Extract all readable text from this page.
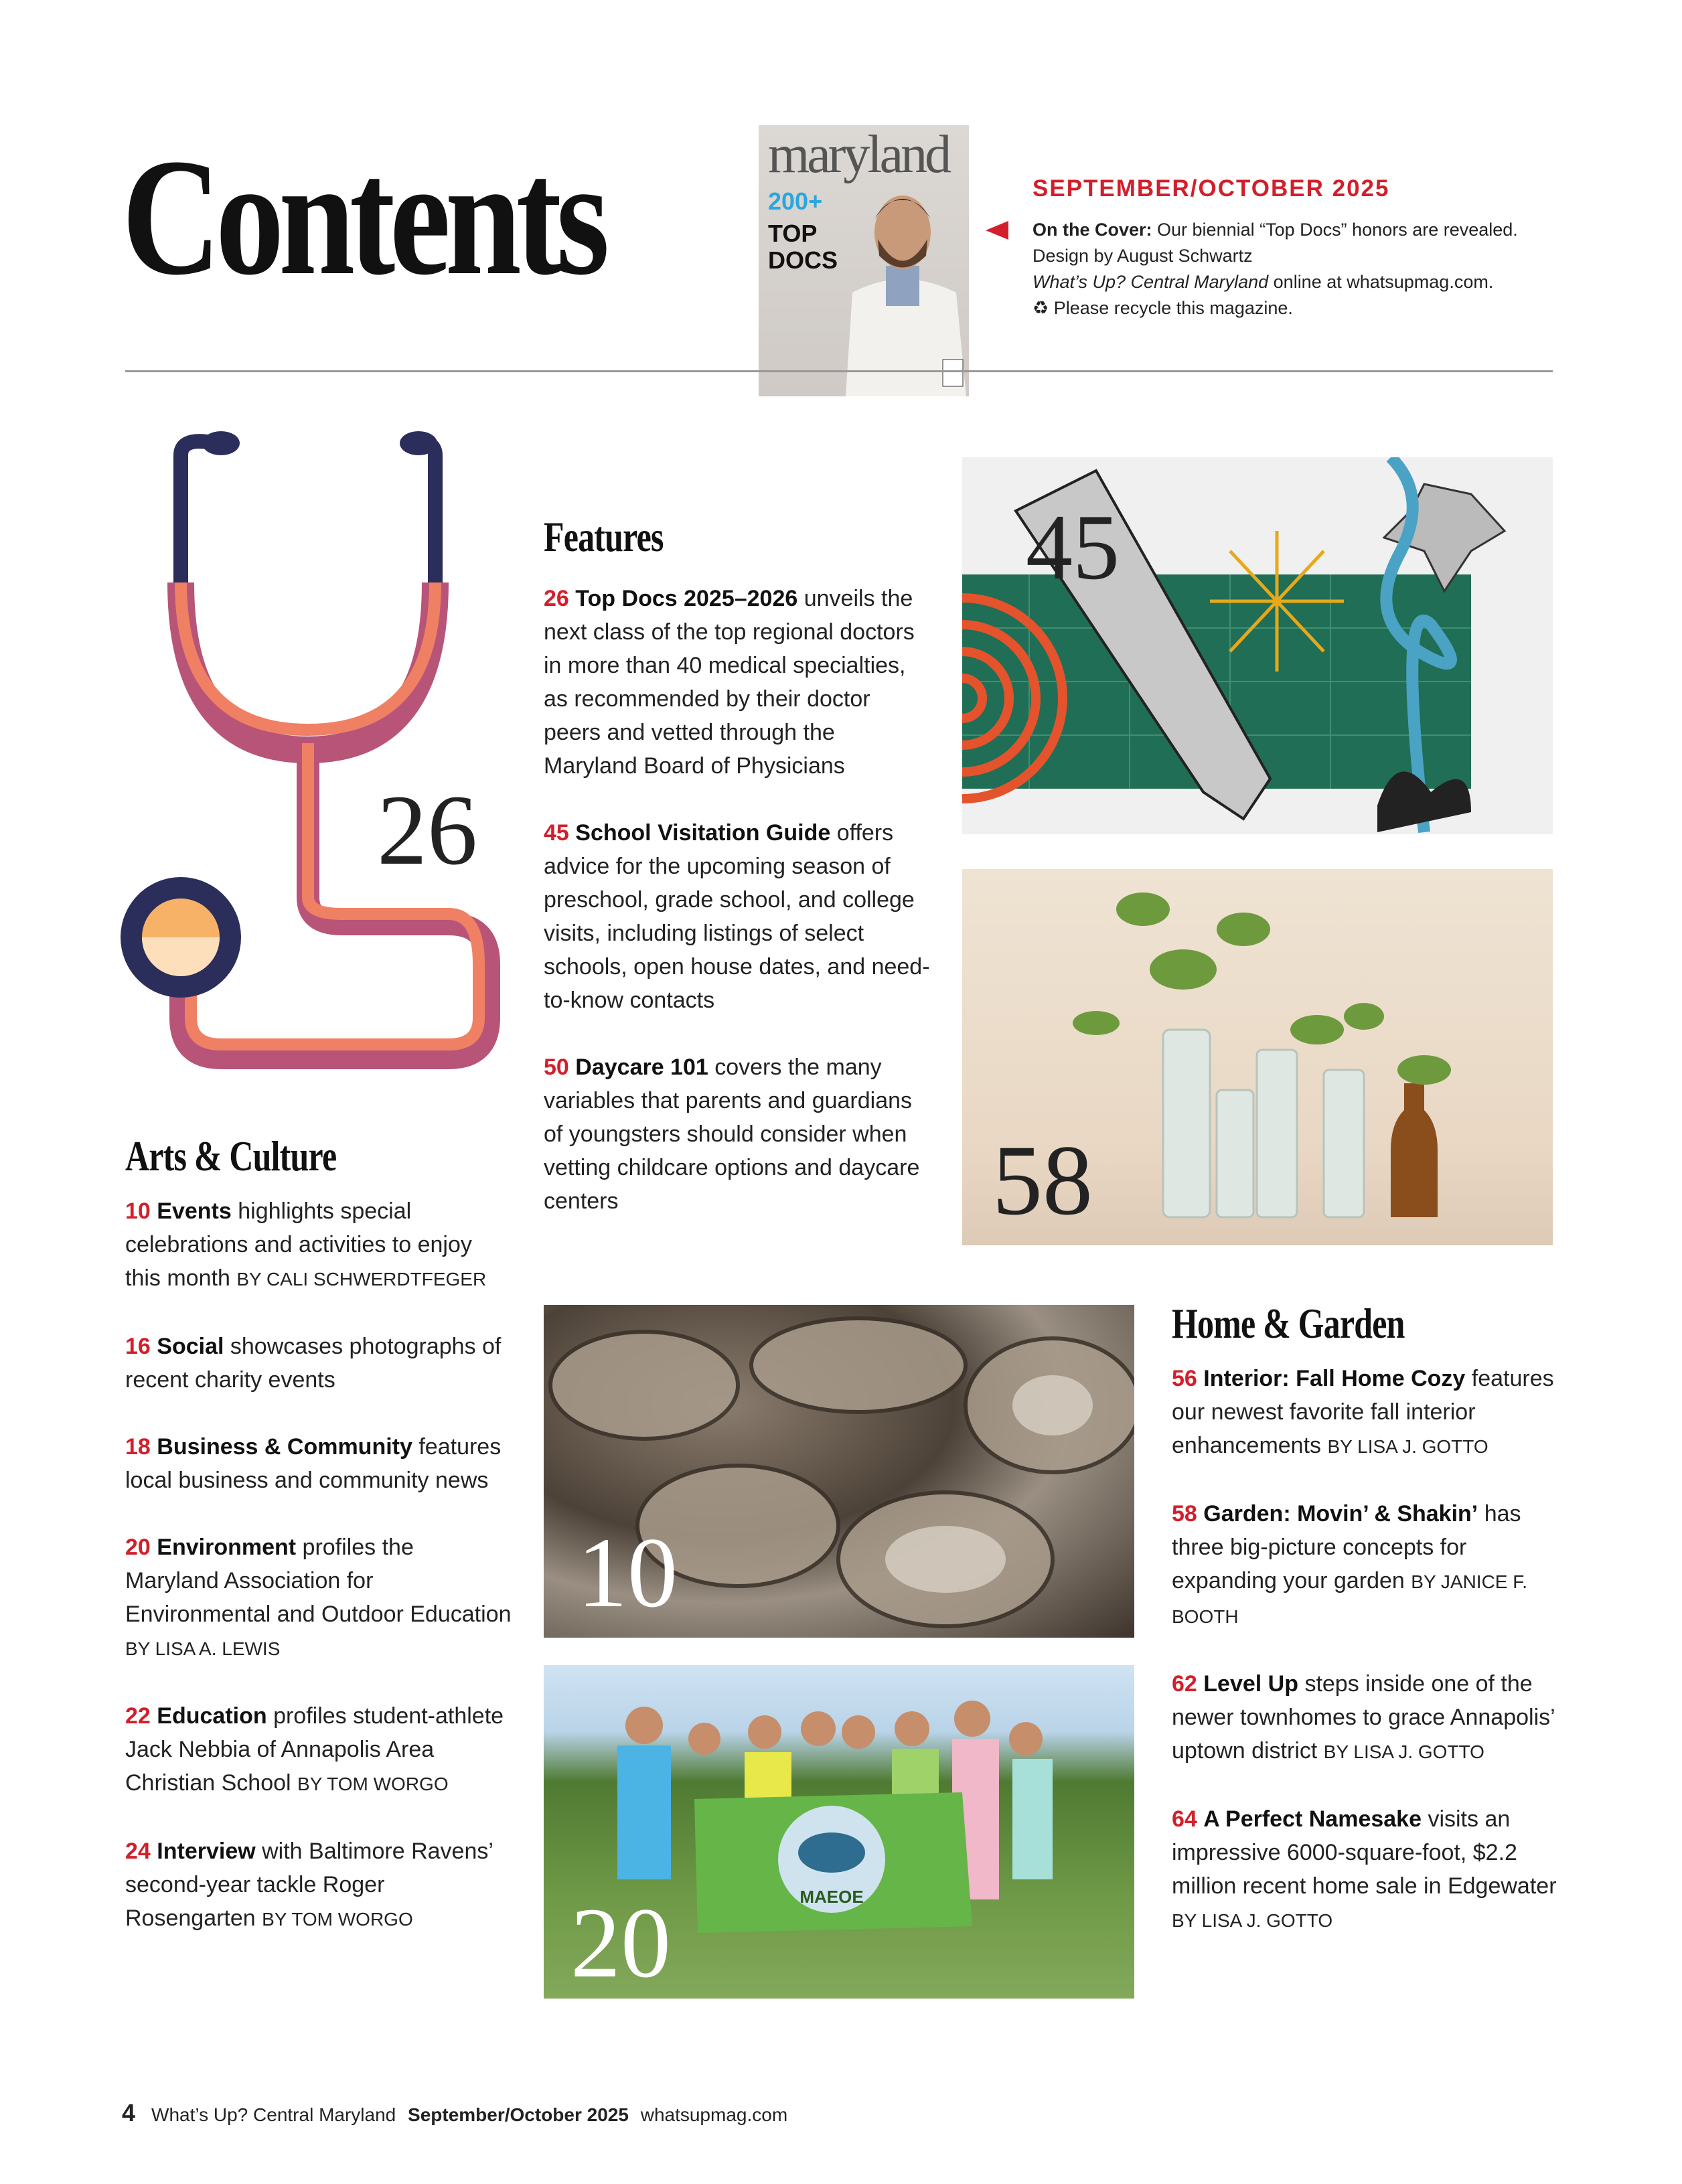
Contents	maryland
200+
TOP DOCS
SEPTEMBER/OCTOBER 2025

On the Cover: Our biennial “Top Docs” honors are revealed. Design by August Schwartz

What’s Up? Central Maryland online at whatsupmag.com.

♻ Please recycle this magazine.

26
Features
26 Top Docs 2025–2026 unveils the next class of the top regional doctors in more than 40 medical specialties, as recommended by their doctor peers and vetted through the Maryland Board of Physicians
45 School Visitation Guide offers advice for the upcoming season of preschool, grade school, and college visits, including listings of select schools, open house dates, and need-to-know contacts
50 Daycare 101 covers the many variables that parents and guardians of youngsters should consider when vetting childcare options and daycare centers
45
58
Arts & Culture
10 Events highlights special celebrations and activities to enjoy this month BY CALI SCHWERDTFEGER
16 Social showcases photographs of recent charity events
18 Business & Community features local business and community news
20 Environment profiles the Maryland Association for Environmental and Outdoor Education BY LISA A. LEWIS
22 Education profiles student-athlete Jack Nebbia of Annapolis Area Christian School BY TOM WORGO
24 Interview with Baltimore Ravens’ second-year tackle Roger Rosengarten BY TOM WORGO
10
MAEOE
20
Home & Garden
56 Interior: Fall Home Cozy features our newest favorite fall interior enhancements BY LISA J. GOTTO
58 Garden: Movin’ & Shakin’ has three big-picture concepts for expanding your garden BY JANICE F. BOOTH
62 Level Up steps inside one of the newer townhomes to grace Annapolis’ uptown district BY LISA J. GOTTO
64 A Perfect Namesake visits an impressive 6000-square-foot, $2.2 million recent home sale in Edgewater BY LISA J. GOTTO
4 What’s Up? Central Maryland September/October 2025 whatsupmag.com
